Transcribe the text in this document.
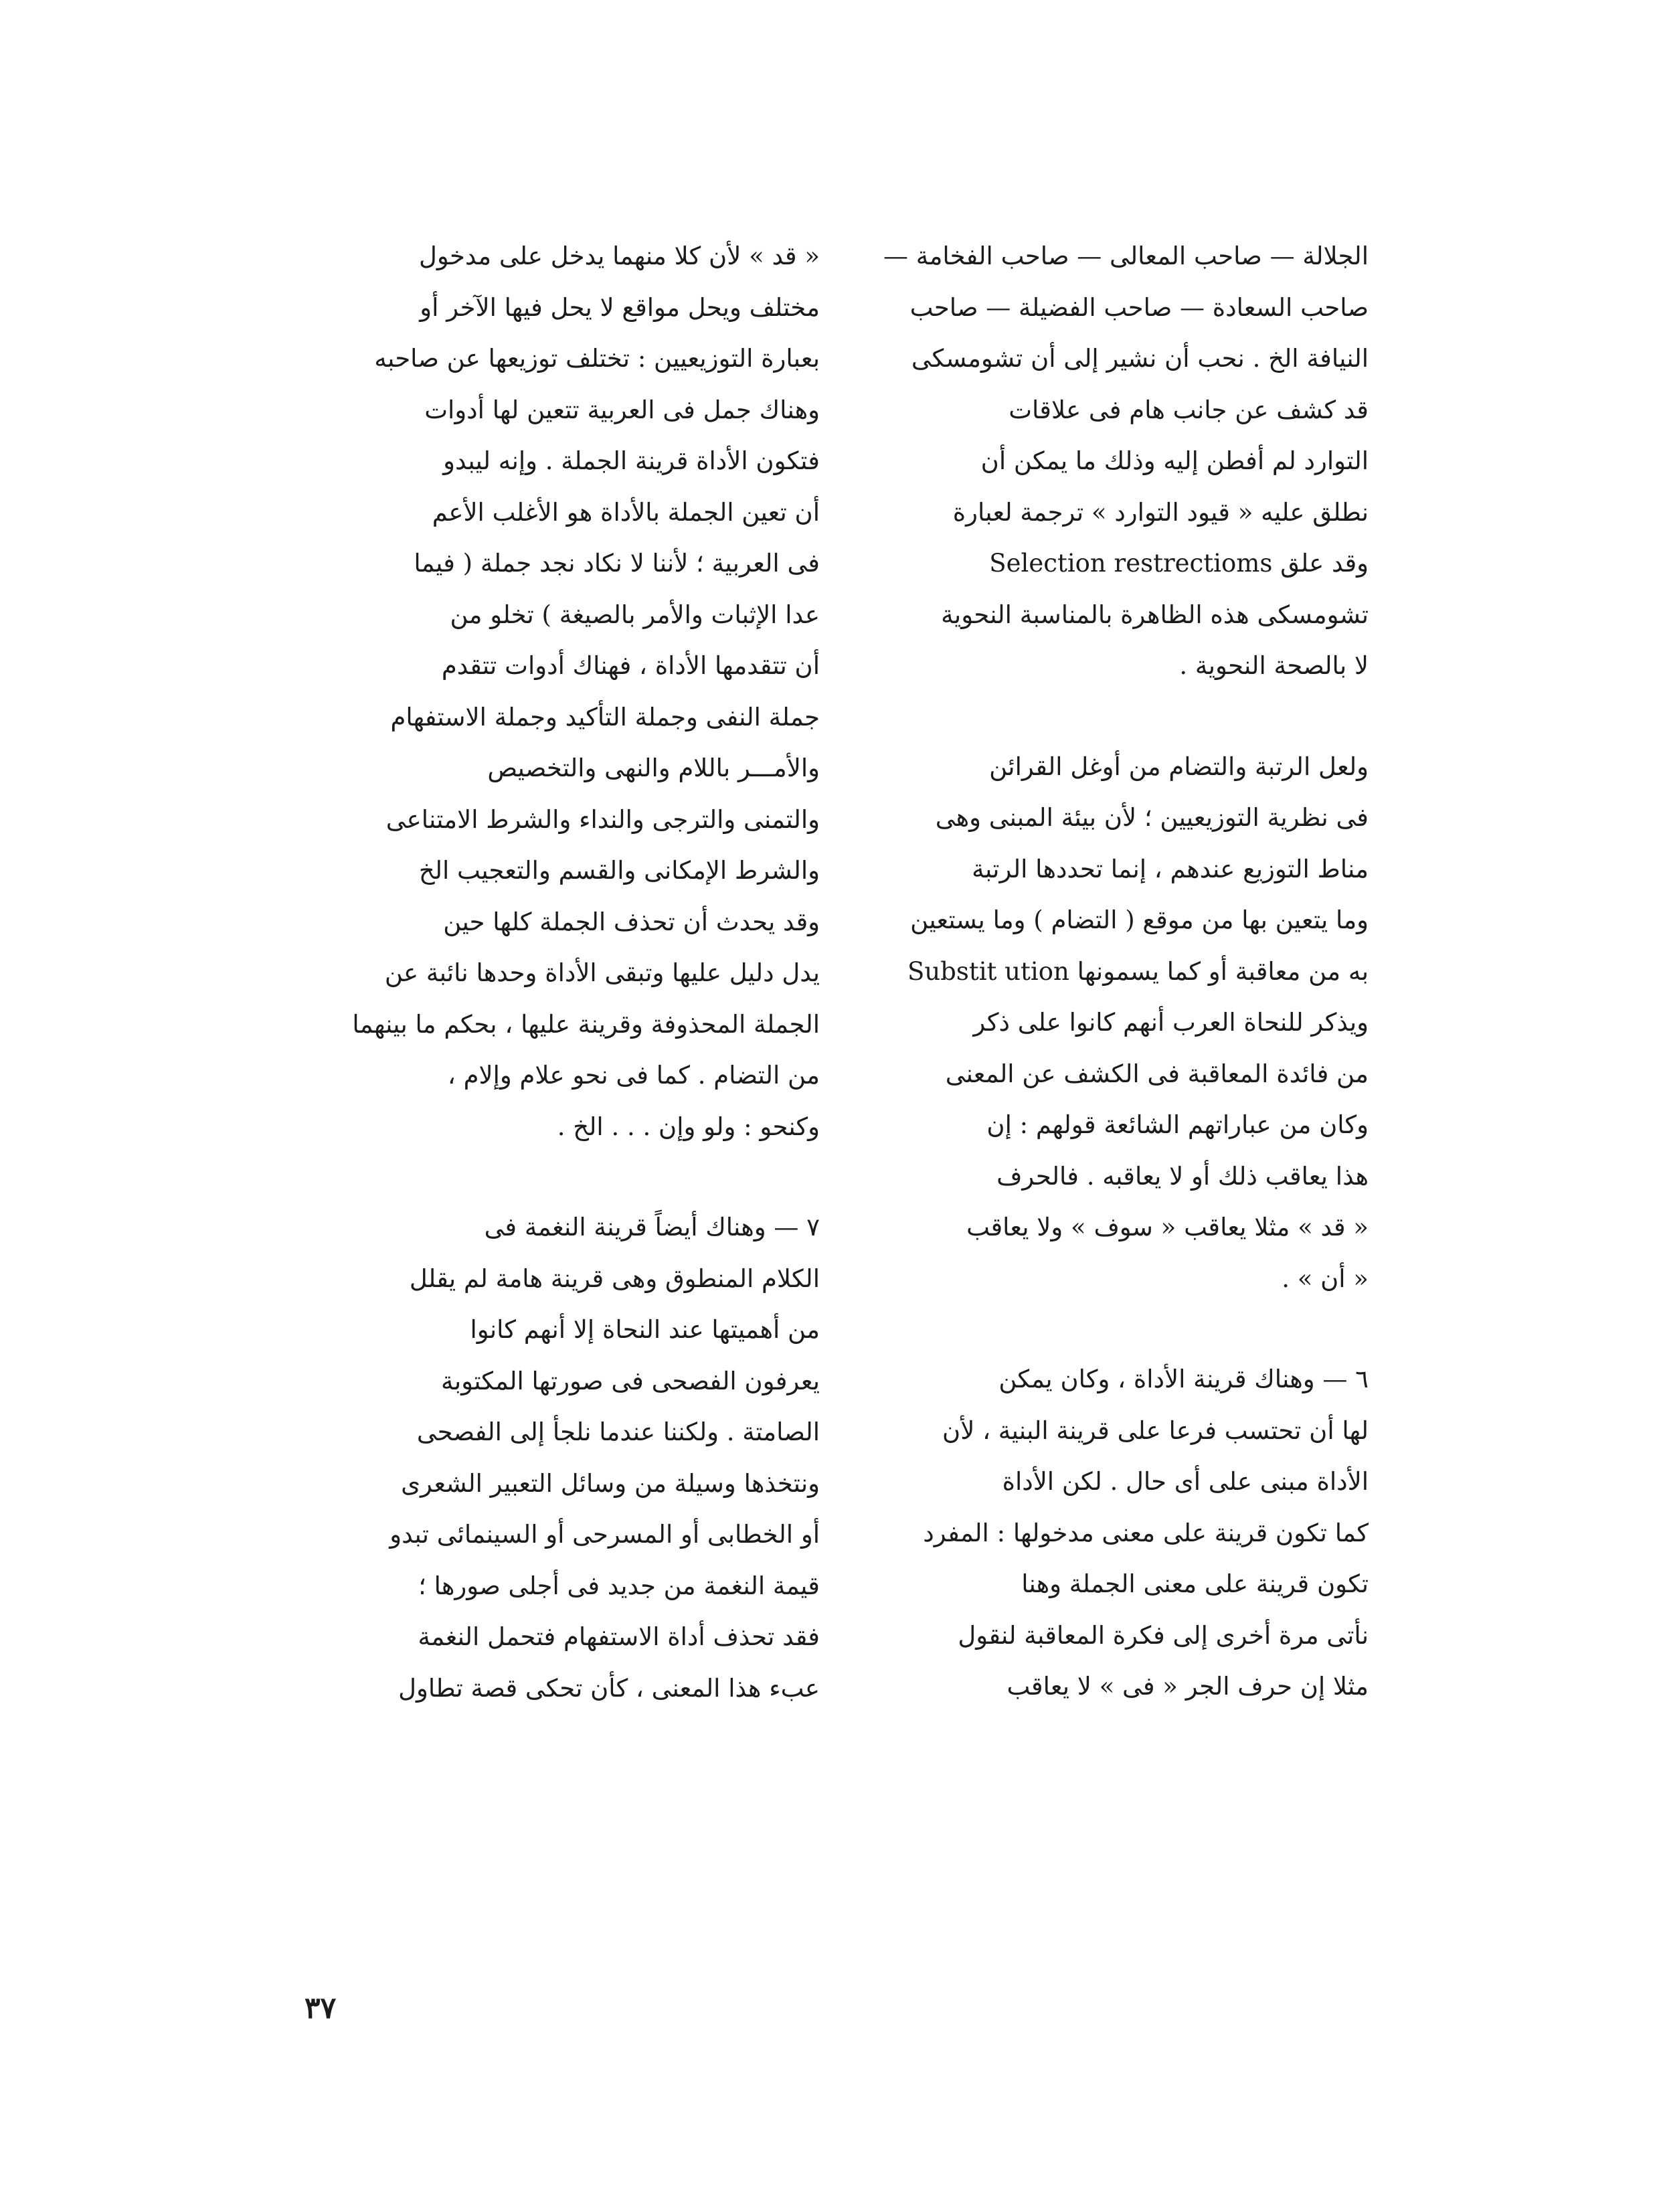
الجلالة — صاحب المعالى — صاحب الفخامة —
صاحب السعادة — صاحب الفضيلة — صاحب
النيافة الخ . نحب أن نشير إلى أن تشومسكى
قد كشف عن جانب هام فى علاقات
التوارد لم أفطن إليه وذلك ما يمكن أن
نطلق عليه « قيود التوارد » ترجمة لعبارة
Selection restrectioms وقد علق
تشومسكى هذه الظاهرة بالمناسبة النحوية
لا بالصحة النحوية .
ولعل الرتبة والتضام من أوغل القرائن
فى نظرية التوزيعيين ؛ لأن بيئة المبنى وهى
مناط التوزيع عندهم ، إنما تحددها الرتبة
وما يتعين بها من موقع ( التضام ) وما يستعين
به من معاقبة أو كما يسمونها Substit ution
ويذكر للنحاة العرب أنهم كانوا على ذكر
من فائدة المعاقبة فى الكشف عن المعنى
وكان من عباراتهم الشائعة قولهم : إن
هذا يعاقب ذلك أو لا يعاقبه . فالحرف
« قد » مثلا يعاقب « سوف » ولا يعاقب
« أن » .
٦ — وهناك قرينة الأداة ، وكان يمكن
لها أن تحتسب فرعا على قرينة البنية ، لأن
الأداة مبنى على أى حال . لكن الأداة
كما تكون قرينة على معنى مدخولها : المفرد
تكون قرينة على معنى الجملة وهنا
نأتى مرة أخرى إلى فكرة المعاقبة لنقول
مثلا إن حرف الجر « فى » لا يعاقب
« قد » لأن كلا منهما يدخل على مدخول
مختلف ويحل مواقع لا يحل فيها الآخر أو
بعبارة التوزيعيين : تختلف توزيعها عن صاحبه
وهناك جمل فى العربية تتعين لها أدوات
فتكون الأداة قرينة الجملة . وإنه ليبدو
أن تعين الجملة بالأداة هو الأغلب الأعم
فى العربية ؛ لأننا لا نكاد نجد جملة ( فيما
عدا الإثبات والأمر بالصيغة ) تخلو من
أن تتقدمها الأداة ، فهناك أدوات تتقدم
جملة النفى وجملة التأكيد وجملة الاستفهام
والأمـــر باللام والنهى والتخصيص
والتمنى والترجى والنداء والشرط الامتناعى
والشرط الإمكانى والقسم والتعجيب الخ
وقد يحدث أن تحذف الجملة كلها حين
يدل دليل عليها وتبقى الأداة وحدها نائبة عن
الجملة المحذوفة وقرينة عليها ، بحكم ما بينهما
من التضام . كما فى نحو علام وإلام ،
وكنحو : ولو وإن . . . الخ .
٧ — وهناك أيضاً قرينة النغمة فى
الكلام المنطوق وهى قرينة هامة لم يقلل
من أهميتها عند النحاة إلا أنهم كانوا
يعرفون الفصحى فى صورتها المكتوبة
الصامتة . ولكننا عندما نلجأ إلى الفصحى
ونتخذها وسيلة من وسائل التعبير الشعرى
أو الخطابى أو المسرحى أو السينمائى تبدو
قيمة النغمة من جديد فى أجلى صورها ؛
فقد تحذف أداة الاستفهام فتحمل النغمة
عبء هذا المعنى ، كأن تحكى قصة تطاول
٣٧
